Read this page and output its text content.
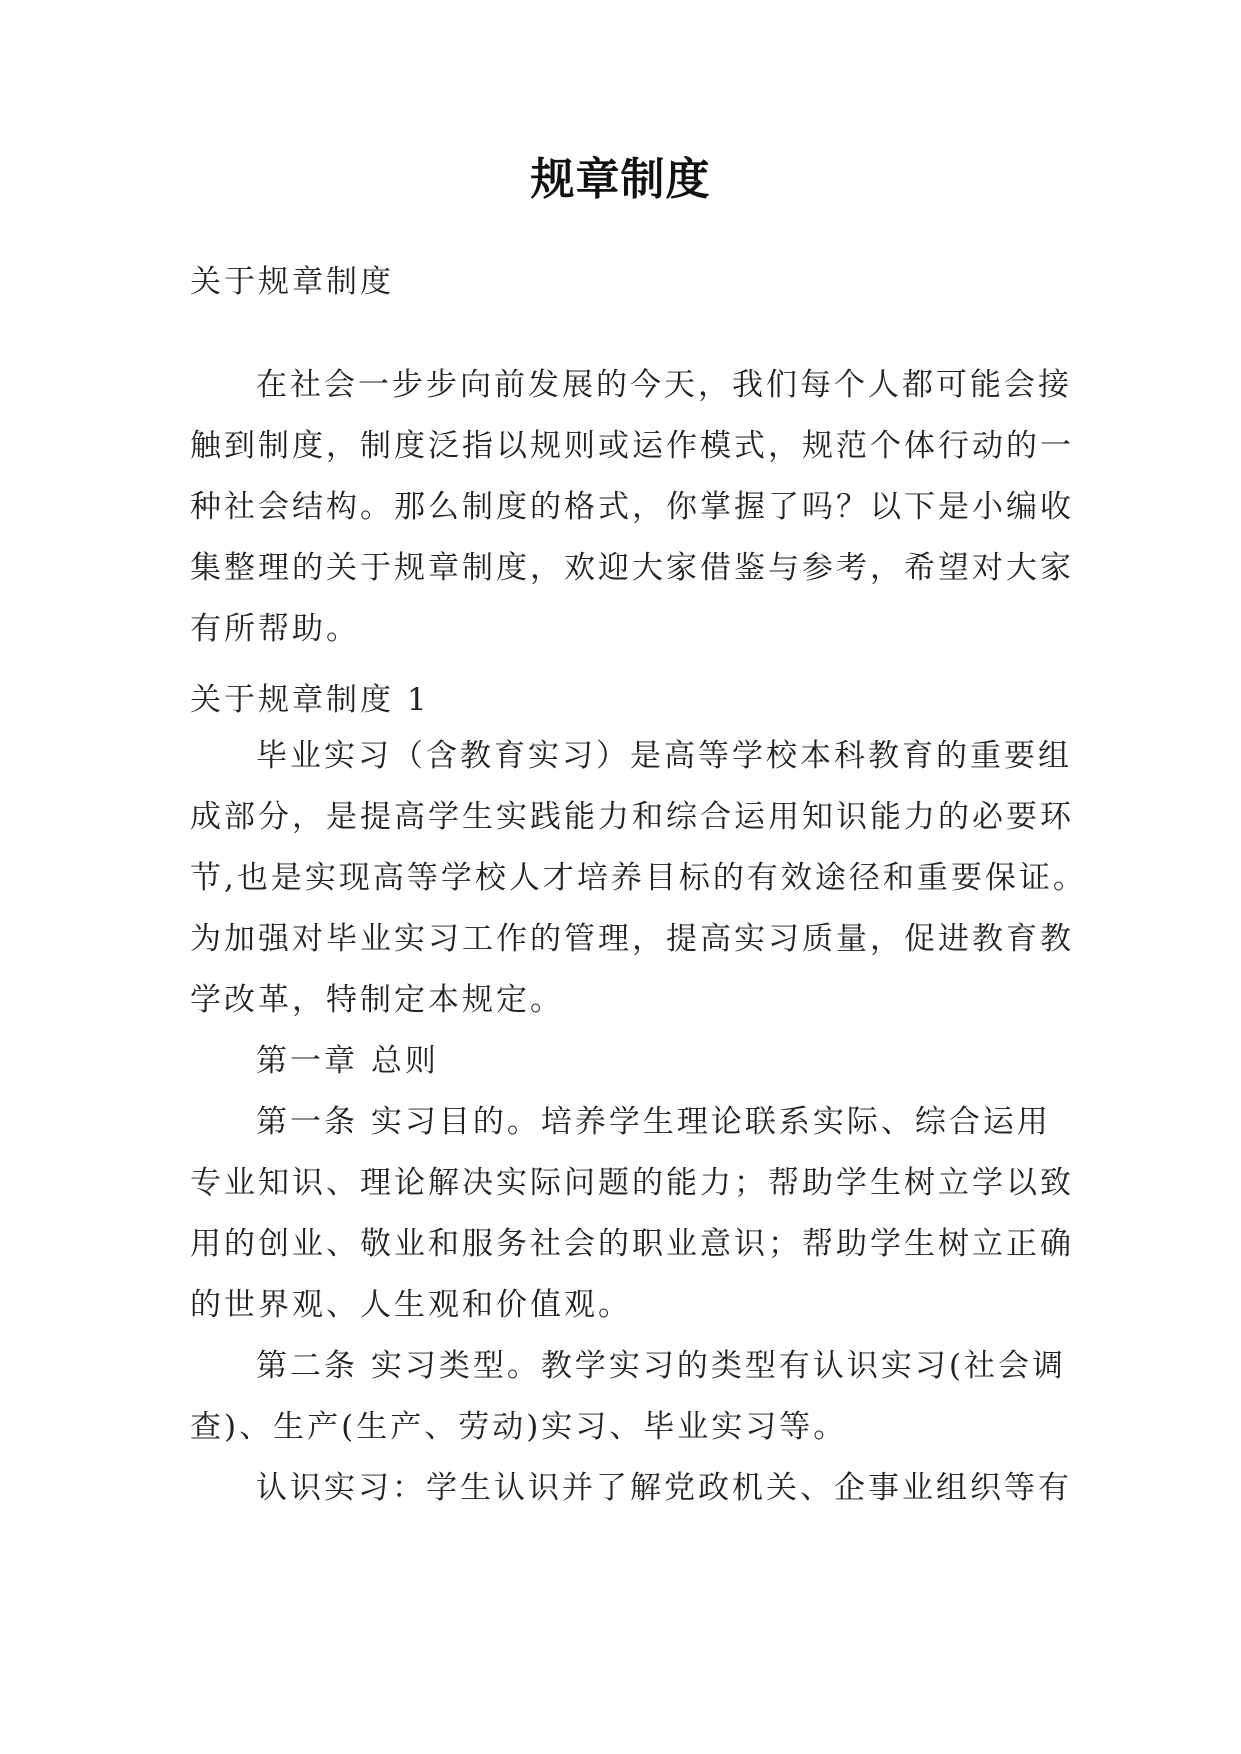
规章制度
关于规章制度
在社会一步步向前发展的今天，我们每个人都可能会接
触到制度，制度泛指以规则或运作模式，规范个体行动的一
种社会结构。那么制度的格式，你掌握了吗？以下是小编收
集整理的关于规章制度，欢迎大家借鉴与参考，希望对大家
有所帮助。
关于规章制度 1
毕业实习（含教育实习）是高等学校本科教育的重要组
成部分，是提高学生实践能力和综合运用知识能力的必要环
节,也是实现高等学校人才培养目标的有效途径和重要保证。
为加强对毕业实习工作的管理，提高实习质量，促进教育教
学改革，特制定本规定。
第一章 总则
第一条 实习目的。培养学生理论联系实际、综合运用
专业知识、理论解决实际问题的能力；帮助学生树立学以致
用的创业、敬业和服务社会的职业意识；帮助学生树立正确
的世界观、人生观和价值观。
第二条 实习类型。教学实习的类型有认识实习(社会调
查)、生产(生产、劳动)实习、毕业实习等。
认识实习：学生认识并了解党政机关、企事业组织等有
